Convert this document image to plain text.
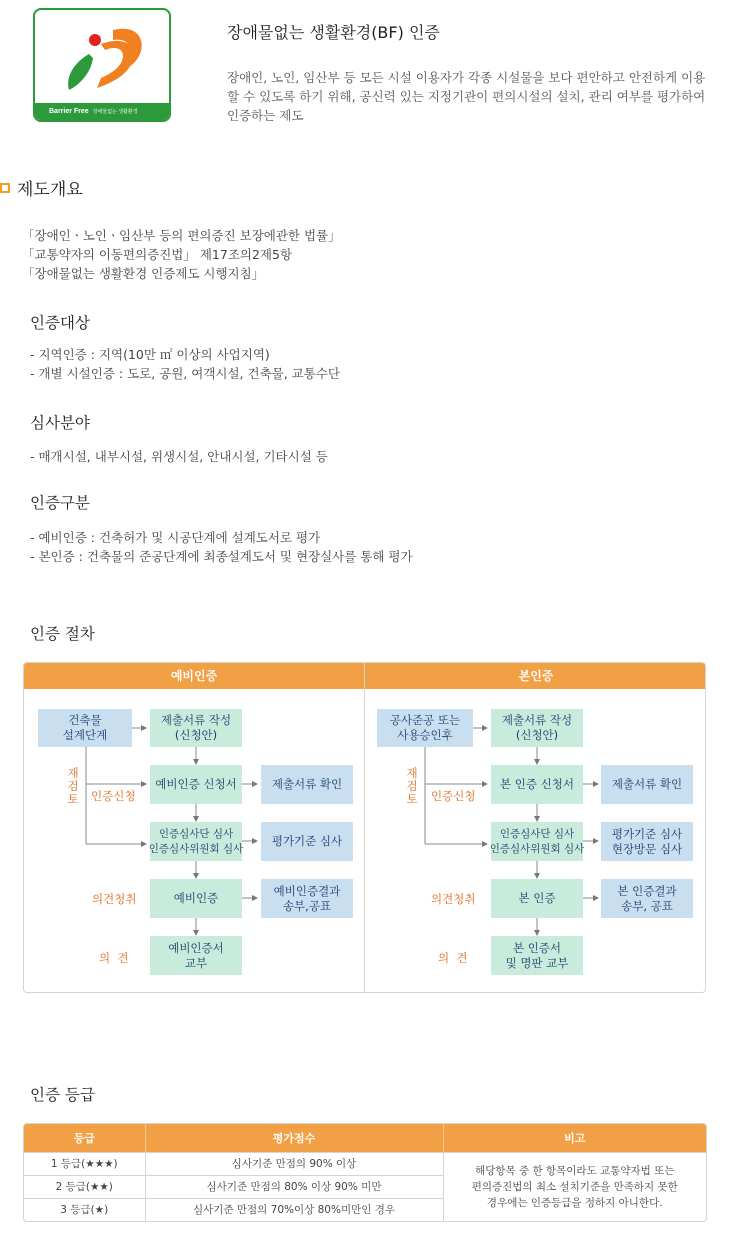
Barrier Free 장애물없는 생활환경
장애물없는 생활환경(BF) 인증
장애인, 노인, 임산부 등 모든 시설 이용자가 각종 시설물을 보다 편안하고 안전하게 이용
할 수 있도록 하기 위해, 공신력 있는 지정기관이 편의시설의 설치, 관리 여부를 평가하여
인증하는 제도
제도개요
「장애인ㆍ노인ㆍ임산부 등의 편의증진 보장에관한 법률」
「교통약자의 이동편의증진법」 제17조의2제5항
「장애물없는 생활환경 인증제도 시행지침」
인증대상
- 지역인증 : 지역(10만 ㎡ 이상의 사업지역)
- 개별 시설인증 : 도로, 공원, 여객시설, 건축물, 교통수단
심사분야
- 매개시설, 내부시설, 위생시설, 안내시설, 기타시설 등
인증구분
- 예비인증 : 건축허가 및 시공단계에 설계도서로 평가
- 본인증 : 건축물의 준공단계에 최종설계도서 및 현장실사를 통해 평가
인증 절차
예비인증	본인증
건축물
설계단계
제출서류 작성
(신청안)
예비인증 신청서	제출서류 확인
인증심사단 심사
인증심사위원회 심사
평가기준 심사
예비인증
예비인증결과
송부,공표
예비인증서
교부
재
검
토 인증신청
의견청취
의  견
공사준공 또는
사용승인후
제출서류 작성
(신청안)
본 인증 신청서	제출서류 확인
인증심사단 심사
인증심사위원회 심사
평가기준 심사
현장방문 심사
본 인증
본 인증결과
송부, 공표
본 인증서
및 명판 교부
재
검
토 인증신청
의견청취
의  견
인증 등급
등급	평가점수	비고
1 등급(★★★)	심사기준 만점의 90% 이상	해당항목 중 한 항목이라도 교통약자법 또는
편의증진법의 최소 설치기준을 만족하지 못한
경우에는 인증등급을 정하지 아니한다.

2 등급(★★)	심사기준 만점의 80% 이상 90% 미만	
3 등급(★)	심사기준 만점의 70%이상 80%미만인 경우	
